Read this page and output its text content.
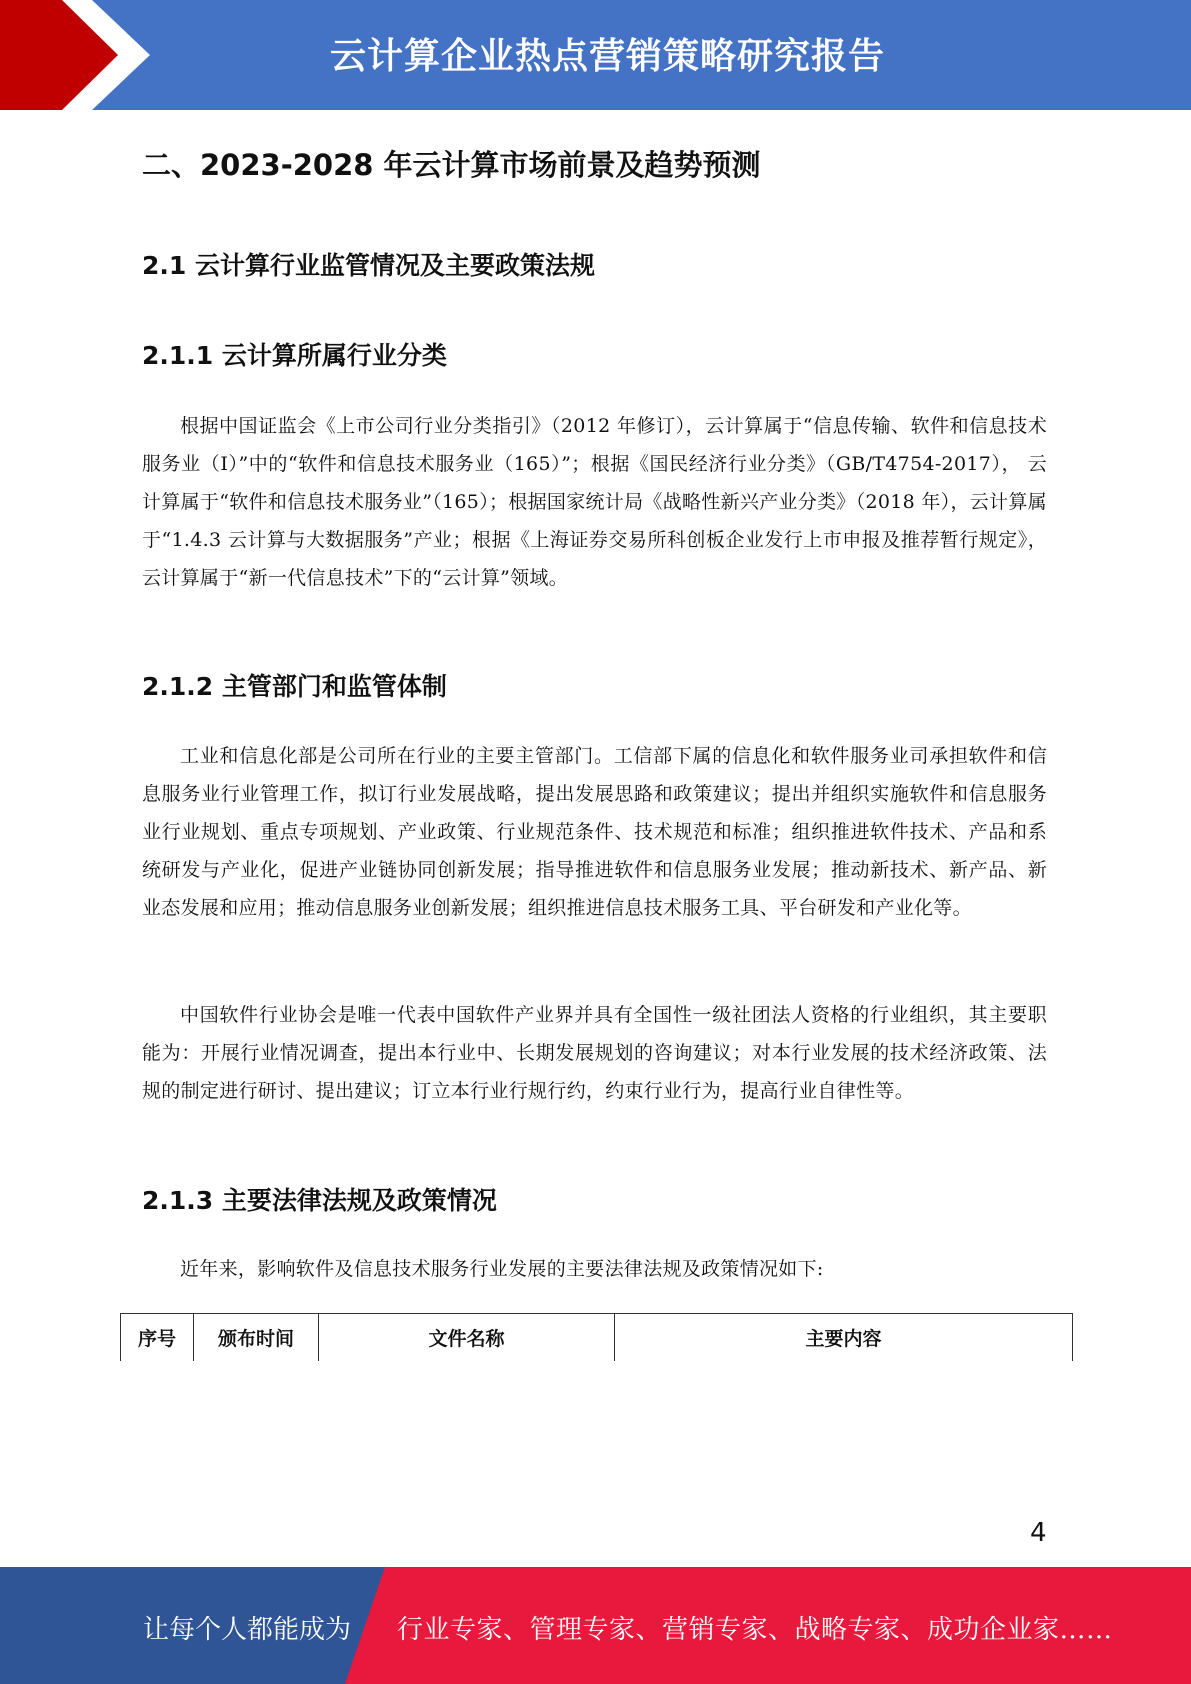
云计算企业热点营销策略研究报告
二、2023-2028 年云计算市场前景及趋势预测
2.1 云计算行业监管情况及主要政策法规
2.1.1 云计算所属行业分类

根据中国证监会《上市公司行业分类指引》（2012 年修订），云计算属于“信息传输、软件和信息技术服务业（I）”中的“软件和信息技术服务业（165）”；根据《国民经济行业分类》（GB/T4754-2017）， 云计算属于“软件和信息技术服务业”（165）；根据国家统计局《战略性新兴产业分类》（2018 年），云计算属于“1.4.3 云计算与大数据服务”产业；根据《上海证券交易所科创板企业发行上市申报及推荐暂行规定》，云计算属于“新一代信息技术”下的“云计算”领域。

2.1.2 主管部门和监管体制

工业和信息化部是公司所在行业的主要主管部门。工信部下属的信息化和软件服务业司承担软件和信息服务业行业管理工作，拟订行业发展战略，提出发展思路和政策建议；提出并组织实施软件和信息服务业行业规划、重点专项规划、产业政策、行业规范条件、技术规范和标准；组织推进软件技术、产品和系统研发与产业化，促进产业链协同创新发展；指导推进软件和信息服务业发展；推动新技术、新产品、新业态发展和应用；推动信息服务业创新发展；组织推进信息技术服务工具、平台研发和产业化等。

中国软件行业协会是唯一代表中国软件产业界并具有全国性一级社团法人资格的行业组织，其主要职能为：开展行业情况调查，提出本行业中、长期发展规划的咨询建议；对本行业发展的技术经济政策、法规的制定进行研讨、提出建议；订立本行业行规行约，约束行业行为，提高行业自律性等。

2.1.3 主要法律法规及政策情况

近年来，影响软件及信息技术服务行业发展的主要法律法规及政策情况如下:

序号	颁布时间	文件名称	主要内容
4
让每个人都能成为 行业专家、管理专家、营销专家、战略专家、成功企业家……
